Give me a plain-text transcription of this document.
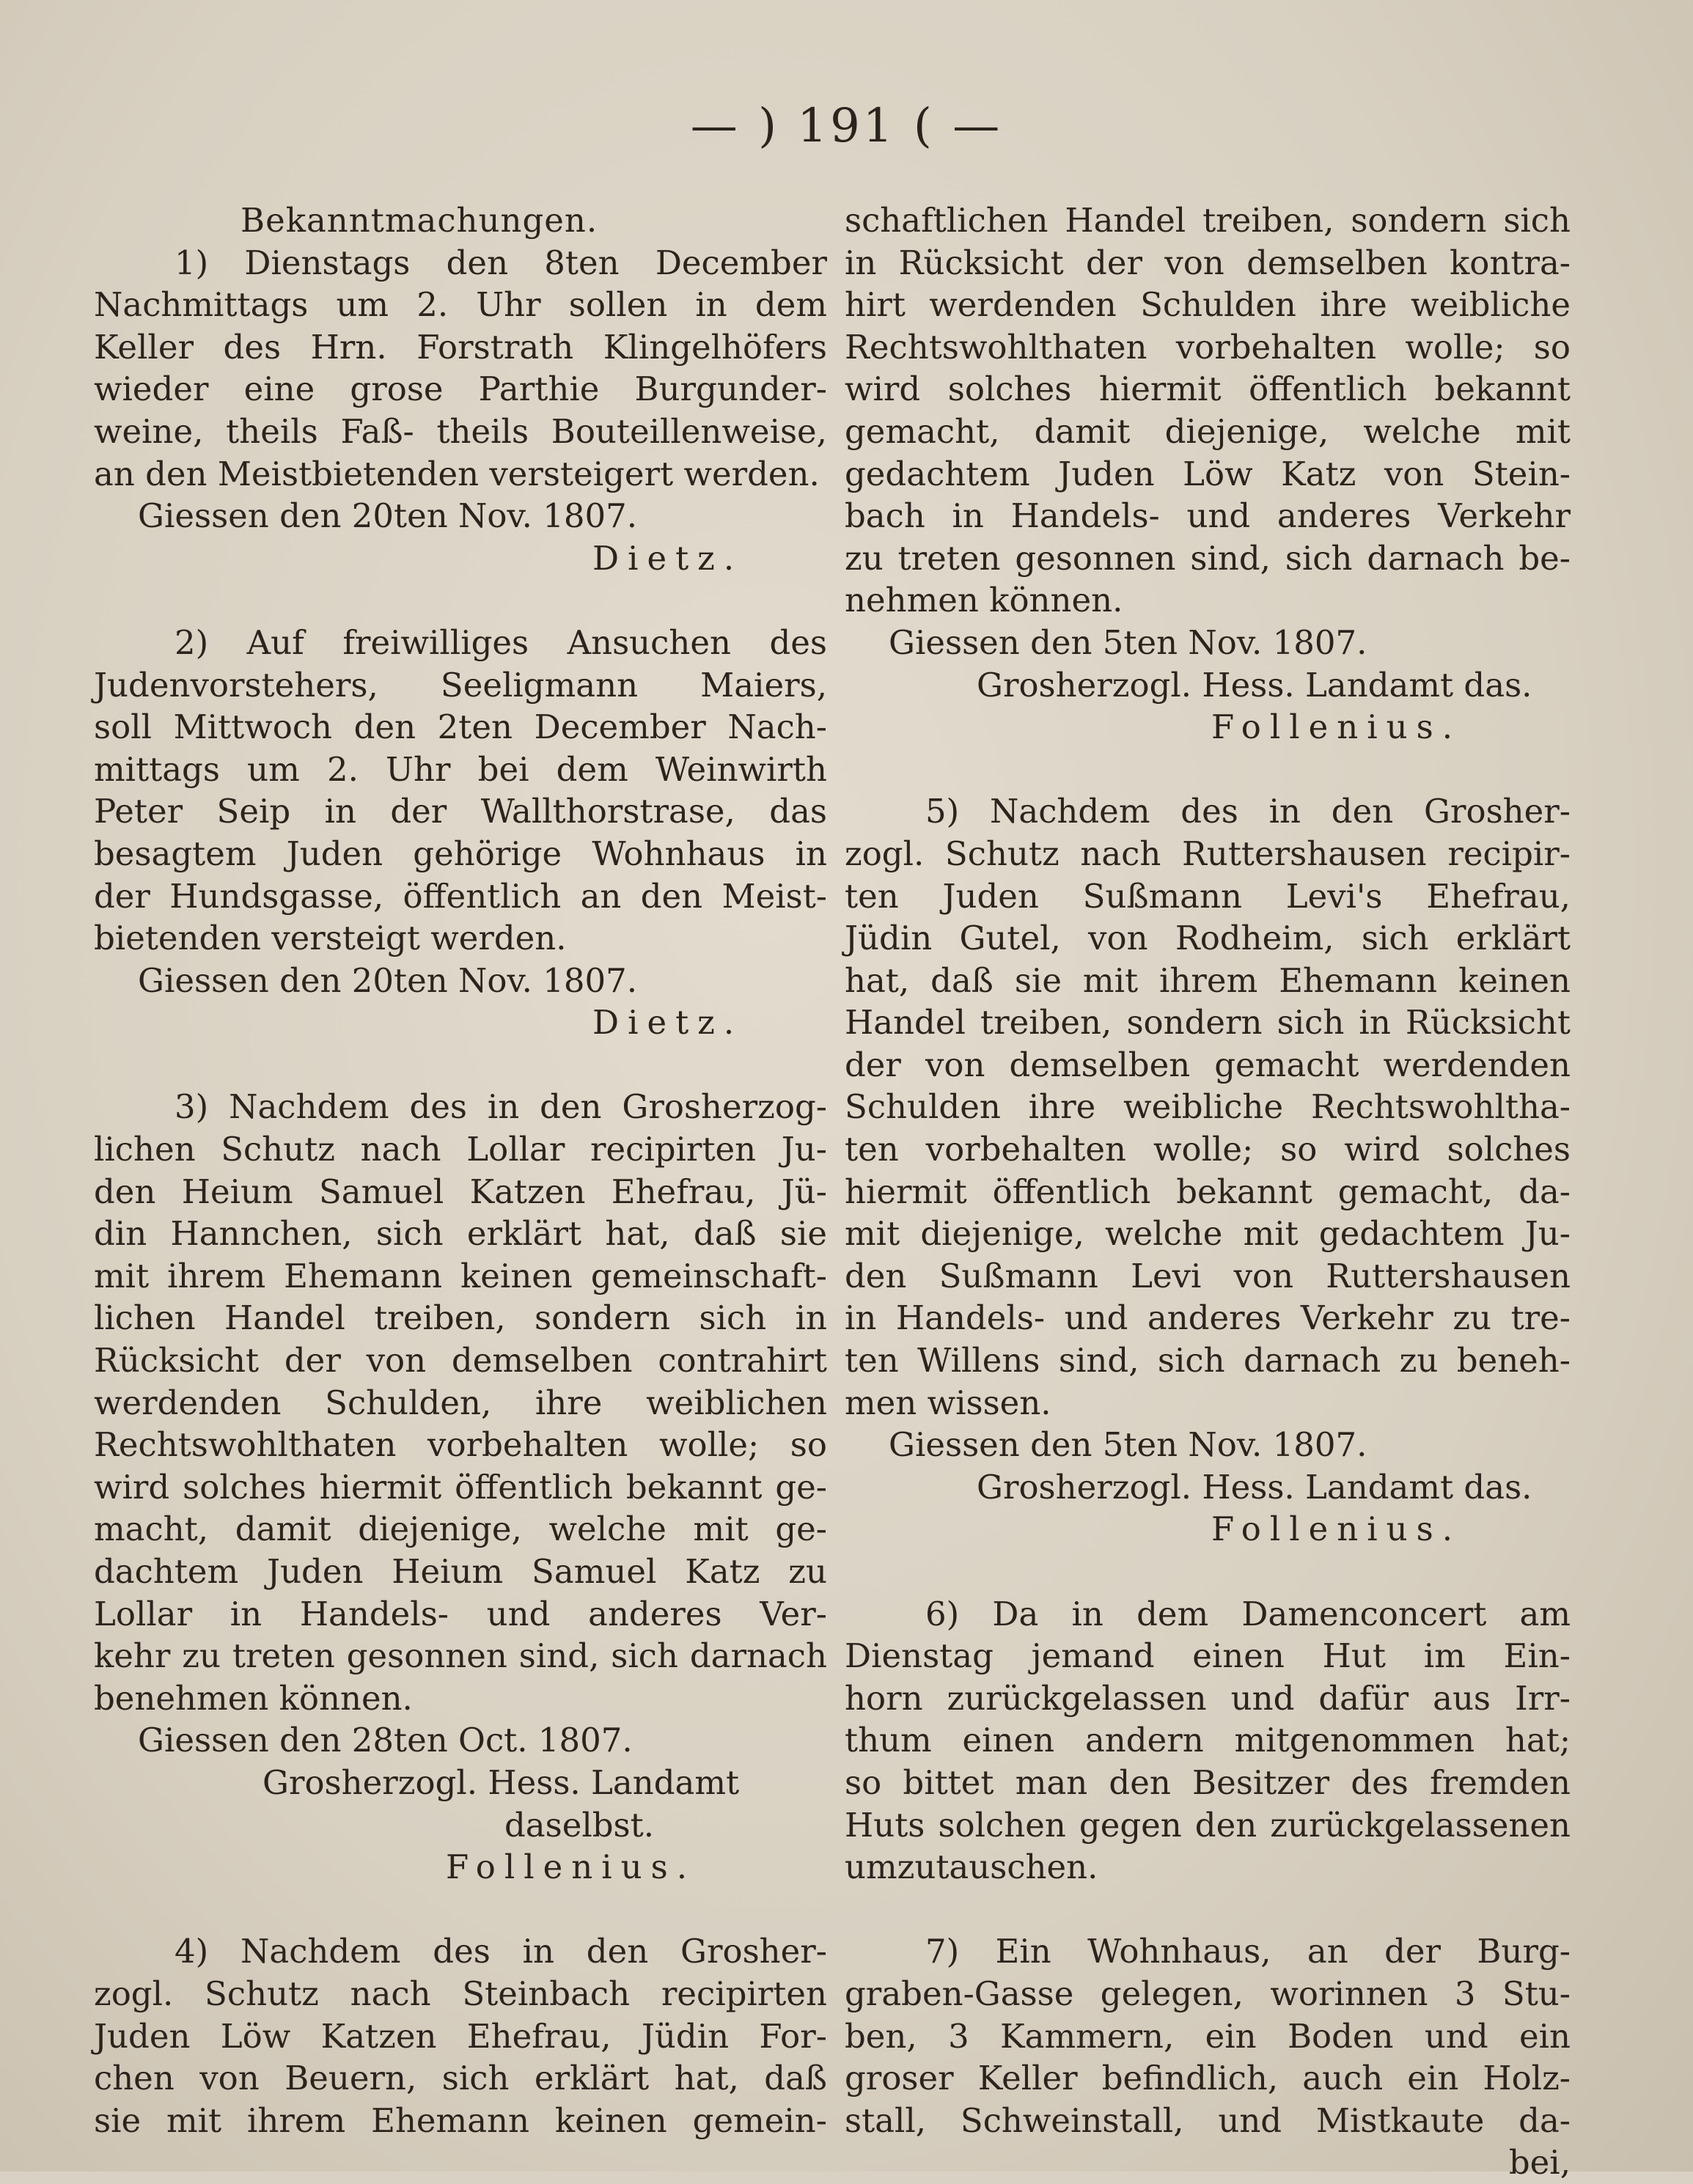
— ) 191 ( —
Bekanntmachungen.
1) Dienstags den 8ten December
Nachmittags um 2. Uhr sollen in dem
Keller des Hrn. Forstrath Klingelhöfers
wieder eine grose Parthie Burgunder-
weine, theils Faß- theils Bouteillenweise,
an den Meistbietenden versteigert werden.
Giessen den 20ten Nov. 1807.
Dietz.
2) Auf freiwilliges Ansuchen des
Judenvorstehers, Seeligmann Maiers,
soll Mittwoch den 2ten December Nach-
mittags um 2. Uhr bei dem Weinwirth
Peter Seip in der Wallthorstrase, das
besagtem Juden gehörige Wohnhaus in
der Hundsgasse, öffentlich an den Meist-
bietenden versteigt werden.
Giessen den 20ten Nov. 1807.
Dietz.
3) Nachdem des in den Grosherzog-
lichen Schutz nach Lollar recipirten Ju-
den Heium Samuel Katzen Ehefrau, Jü-
din Hannchen, sich erklärt hat, daß sie
mit ihrem Ehemann keinen gemeinschaft-
lichen Handel treiben, sondern sich in
Rücksicht der von demselben contrahirt
werdenden Schulden, ihre weiblichen
Rechtswohlthaten vorbehalten wolle; so
wird solches hiermit öffentlich bekannt ge-
macht, damit diejenige, welche mit ge-
dachtem Juden Heium Samuel Katz zu
Lollar in Handels- und anderes Ver-
kehr zu treten gesonnen sind, sich darnach
benehmen können.
Giessen den 28ten Oct. 1807.
Grosherzogl. Hess. Landamt
daselbst.
Follenius.
4) Nachdem des in den Grosher-
zogl. Schutz nach Steinbach recipirten
Juden Löw Katzen Ehefrau, Jüdin For-
chen von Beuern, sich erklärt hat, daß
sie mit ihrem Ehemann keinen gemein-
schaftlichen Handel treiben, sondern sich
in Rücksicht der von demselben kontra-
hirt werdenden Schulden ihre weibliche
Rechtswohlthaten vorbehalten wolle; so
wird solches hiermit öffentlich bekannt
gemacht, damit diejenige, welche mit
gedachtem Juden Löw Katz von Stein-
bach in Handels- und anderes Verkehr
zu treten gesonnen sind, sich darnach be-
nehmen können.
Giessen den 5ten Nov. 1807.
Grosherzogl. Hess. Landamt das.
Follenius.
5) Nachdem des in den Grosher-
zogl. Schutz nach Ruttershausen recipir-
ten Juden Sußmann Levi's Ehefrau,
Jüdin Gutel, von Rodheim, sich erklärt
hat, daß sie mit ihrem Ehemann keinen
Handel treiben, sondern sich in Rücksicht
der von demselben gemacht werdenden
Schulden ihre weibliche Rechtswohltha-
ten vorbehalten wolle; so wird solches
hiermit öffentlich bekannt gemacht, da-
mit diejenige, welche mit gedachtem Ju-
den Sußmann Levi von Ruttershausen
in Handels- und anderes Verkehr zu tre-
ten Willens sind, sich darnach zu beneh-
men wissen.
Giessen den 5ten Nov. 1807.
Grosherzogl. Hess. Landamt das.
Follenius.
6) Da in dem Damenconcert am
Dienstag jemand einen Hut im Ein-
horn zurückgelassen und dafür aus Irr-
thum einen andern mitgenommen hat;
so bittet man den Besitzer des fremden
Huts solchen gegen den zurückgelassenen
umzutauschen.
7) Ein Wohnhaus, an der Burg-
graben-Gasse gelegen, worinnen 3 Stu-
ben, 3 Kammern, ein Boden und ein
groser Keller befindlich, auch ein Holz-
stall, Schweinstall, und Mistkaute da-
bei,
